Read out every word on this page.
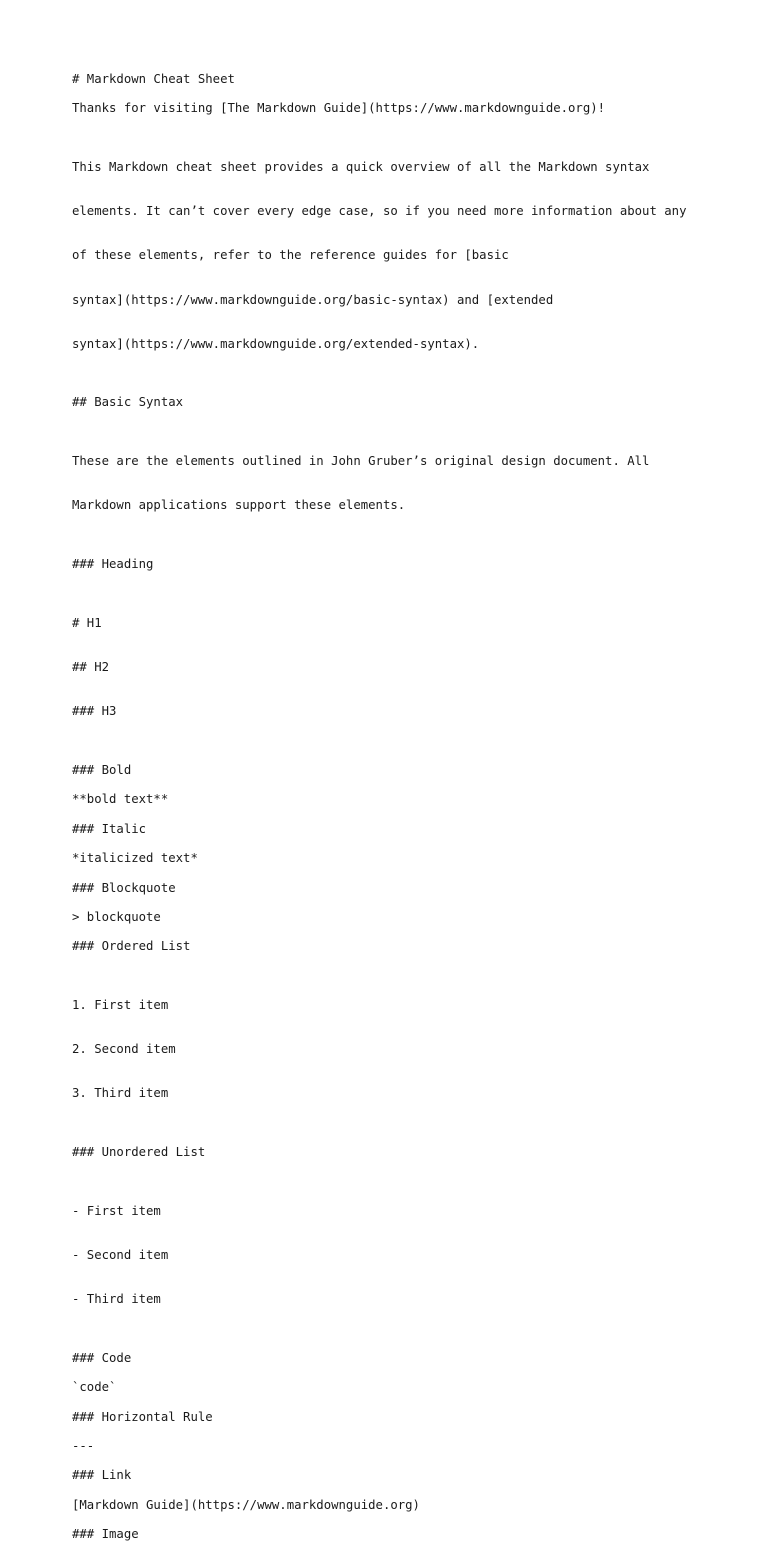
# Markdown Cheat Sheet
Thanks for visiting [The Markdown Guide](https://www.markdownguide.org)!

This Markdown cheat sheet provides a quick overview of all the Markdown syntax

elements. It can’t cover every edge case, so if you need more information about any

of these elements, refer to the reference guides for [basic

syntax](https://www.markdownguide.org/basic-syntax) and [extended

syntax](https://www.markdownguide.org/extended-syntax).

## Basic Syntax

These are the elements outlined in John Gruber’s original design document. All

Markdown applications support these elements.

### Heading

# H1

## H2

### H3

### Bold
**bold text**
### Italic
*italicized text*
### Blockquote
> blockquote
### Ordered List

1. First item

2. Second item

3. Third item

### Unordered List

- First item

- Second item

- Third item

### Code
`code`
### Horizontal Rule
---
### Link
[Markdown Guide](https://www.markdownguide.org)
### Image
